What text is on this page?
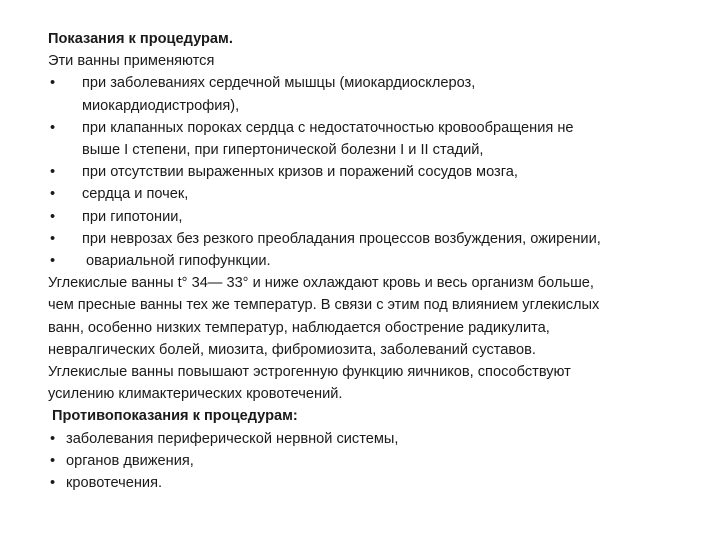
Показания к процедурам.
Эти ванны применяются
• при заболеваниях сердечной мышцы (миокардиосклероз,
миокардиодистрофия),
• при клапанных пороках сердца с недостаточностью кровообращения не
выше I степени, при гипертонической болезни I и II стадий,
• при отсутствии выраженных кризов и поражений сосудов мозга,
• сердца и почек,
• при гипотонии,
• при неврозах без резкого преобладания процессов возбуждения, ожирении,
• овариальной гипофункции.
Углекислые ванны t° 34— 33° и ниже охлаждают кровь и весь организм больше,
чем пресные ванны тех же температур. В связи с этим под влиянием углекислых
ванн, особенно низких температур, наблюдается обострение радикулита,
невралгических болей, миозита, фибромиозита, заболеваний суставов.
Углекислые ванны повышают эстрогенную функцию яичников, способствуют
усилению климактерических кровотечений.
Противопоказания к процедурам:
• заболевания периферической нервной системы,
• органов движения,
• кровотечения.
